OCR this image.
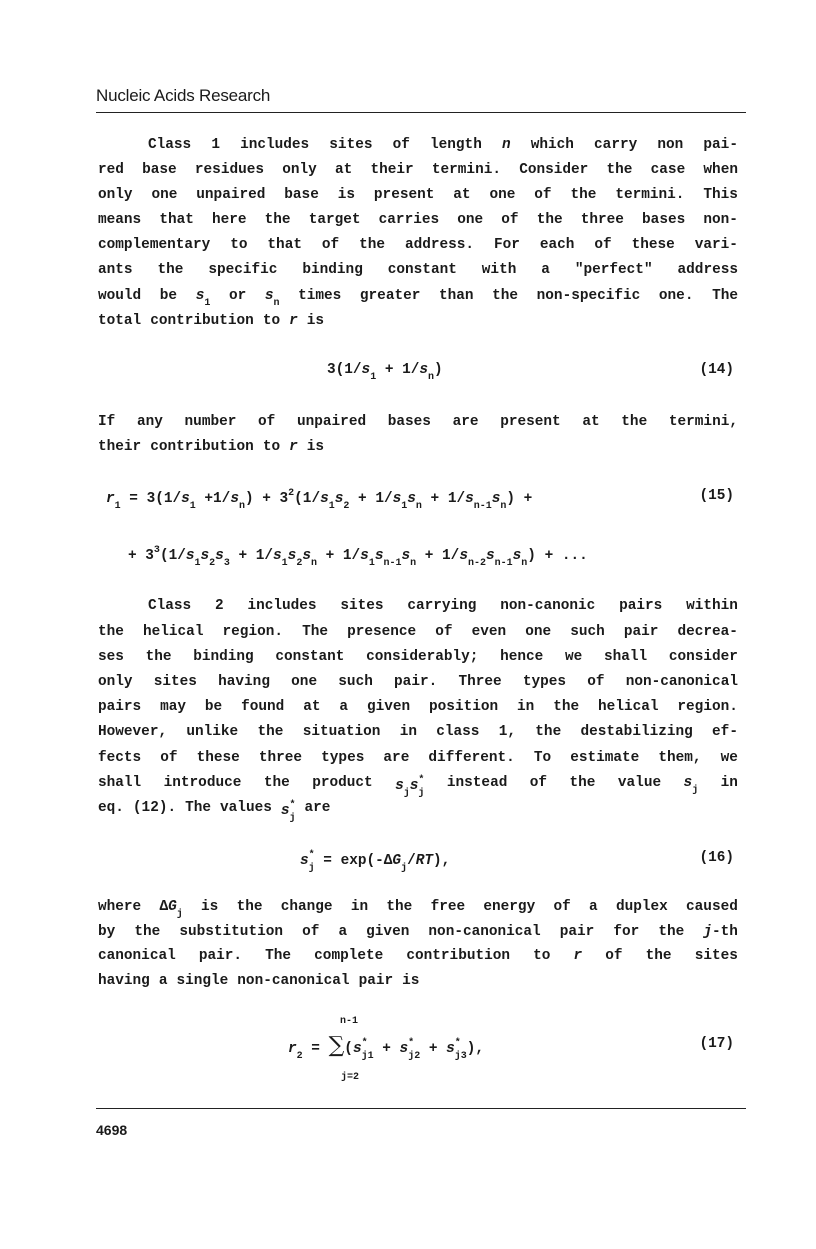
Nucleic Acids Research
Class 1 includes sites of length n which carry non pai-
red base residues only at their termini. Consider the case when
only one unpaired base is present at one of the termini. This
means that here the target carries one of the three bases non-
complementary to that of the address. For each of these vari-
ants the specific binding constant with a "perfect" address
would be $s_1$ or $s_n$ times greater than the non-specific one. The
total contribution to r is
$3(1/s_1 + 1/s_n)$	(14)
If any number of unpaired bases are present at the termini,
their contribution to r is
$r_1 = 3(1/s_1 +1/s_n) + 3^2(1/s_1s_2 + 1/s_1s_n + 1/s_{n-1}s_n)$ +	(15)
+ $3^3(1/s_1s_2s_3 + 1/s_1s_2s_n + 1/s_1s_{n-1}s_n + 1/s_{n-2}s_{n-1}s_n)$ + ...
Class 2 includes sites carrying non-canonic pairs within
the helical region. The presence of even one such pair decrea-
ses the binding constant considerably; hence we shall consider
only sites having one such pair. Three types of non-canonical
pairs may be found at a given position in the helical region.
However, unlike the situation in class 1, the destabilizing ef-
fects of these three types are different. To estimate them, we
shall introduce the product $s_js^*_j$
instead of the value $s_j$ in
eq. (12). The values $s^*_j$
are
$s^*_j = \exp(-\Delta G_j/RT)$,	(16)
where $\Delta G_j$ is the change in the free energy of a duplex caused
by the substitution of a given non-canonical pair for the j-th
canonical pair. The complete contribution to r of the sites
having a single non-canonical pair is
n-1
$r_2 = \sum(s^*_{j1} + s^*_{j2} + s^*_{j3})$,
j=2
(17)
4698
